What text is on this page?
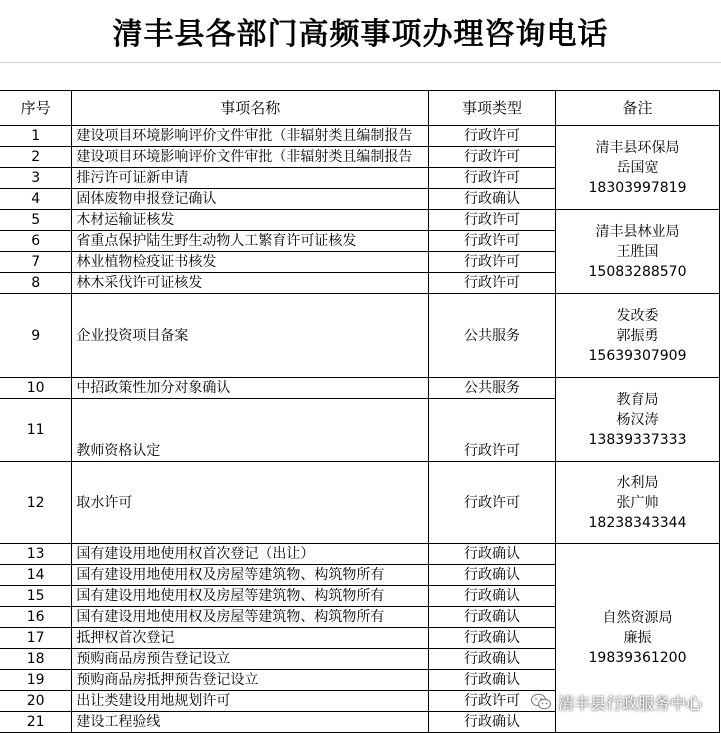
清丰县各部门高频事项办理咨询电话
序号	事项名称	事项类型	备注
1	建设项目环境影响评价文件审批（非辐射类且编制报告	行政许可	清丰县环保局
岳国宽
18303997819

2	建设项目环境影响评价文件审批（非辐射类且编制报告	行政许可	
3	排污许可证新申请	行政许可	
4	固体废物申报登记确认	行政确认	
5	木材运输证核发	行政许可	清丰县林业局
王胜国
15083288570

6	省重点保护陆生野生动物人工繁育许可证核发	行政许可	
7	林业植物检疫证书核发	行政许可	
8	林木采伐许可证核发	行政许可	
9	企业投资项目备案	公共服务	发改委
郭振勇
15639307909

10	中招政策性加分对象确认	公共服务	教育局
杨汉涛
13839337333

11	教师资格认定	行政许可	
12	取水许可	行政许可	水利局
张广帅
18238343344

13	国有建设用地使用权首次登记（出让）	行政确认	自然资源局
廉振
19839361200

14	国有建设用地使用权及房屋等建筑物、构筑物所有	行政确认	
15	国有建设用地使用权及房屋等建筑物、构筑物所有	行政确认	
16	国有建设用地使用权及房屋等建筑物、构筑物所有	行政确认	
17	抵押权首次登记	行政确认	
18	预购商品房预告登记设立	行政确认	
19	预购商品房抵押预告登记设立	行政确认	
20	出让类建设用地规划许可	行政许可	
21	建设工程验线	行政确认	
清丰县行政服务中心
